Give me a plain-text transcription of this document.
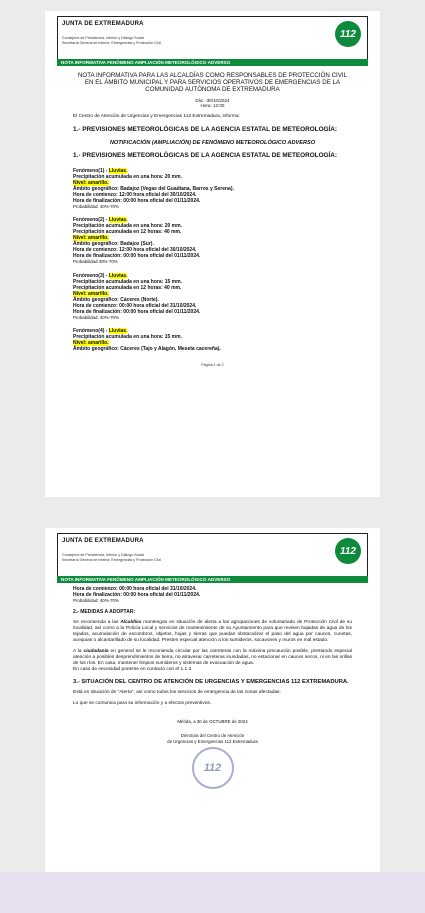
JUNTA DE EXTREMADURA
Consejería de Presidencia, Interior y Diálogo Social
Secretaría General de Interior, Emergencias y Protección Civil
112
NOTA INFORMATIVA FENÓMENO AMPLIACIÓN METEOROLÓGICO ADVERSO
NOTA INFORMATIVA PARA LAS ALCALDÍAS COMO RESPONSABLES DE PROTECCIÓN CIVIL EN EL ÁMBITO MUNICIPAL Y PARA SERVICIOS OPERATIVOS DE EMERGENCIAS DE LA COMUNIDAD AUTÓNOMA DE EXTREMADURA
Día: -30/10/2024
Hora: 12:00
El Centro de Atención de Urgencias y Emergencias 112 Extremadura, informa:
1.- PREVISIONES METEOROLÓGICAS DE LA AGENCIA ESTATAL DE METEOROLOGÍA:
NOTIFICACIÓN (AMPLIACIÓN) DE FENÓMENO METEOROLÓGICO ADVERSO
1.- PREVISIONES METEOROLÓGICAS DE LA AGENCIA ESTATAL DE METEOROLOGÍA:
Fenómeno(1) - Lluvias.
Precipitación acumulada en una hora: 20 mm.
Nivel: amarillo.
Ámbito geográfico: Badajoz (Vegas del Guadiana, Barros y Serena).
Hora de comienzo: 12:00 hora oficial del 30/10/2024.
Hora de finalización: 00:00 hora oficial del 01/11/2024.
Probabilidad: 40%-70%
Fenómeno(2) - Lluvias.
Precipitación acumulada en una hora: 20 mm.
Precipitación acumulada en 12 horas: 40 mm.
Nivel: amarillo.
Ámbito geográfico: Badajoz (Sur).
Hora de comienzo: 12:00 hora oficial del 30/10/2024.
Hora de finalización: 00:00 hora oficial del 01/11/2024.
Probabilidad:40%-70%
Fenómeno(3) - Lluvias.
Precipitación acumulada en una hora: 15 mm.
Precipitación acumulada en 12 horas: 40 mm.
Nivel: amarillo.
Ámbito geográfico: Cáceres (Norte).
Hora de comienzo: 00:00 hora oficial del 31/10/2024.
Hora de finalización: 00:00 hora oficial del 01/11/2024.
Probabilidad: 40%-70%
Fenómeno(4) - Lluvias.
Precipitación acumulada en una hora: 15 mm.
Nivel: amarillo.
Ámbito geográfico: Cáceres (Tajo y Alagón, Meseta cacereña).
Página 1 de 2
JUNTA DE EXTREMADURA
Consejería de Presidencia, Interior y Diálogo Social
Secretaría General de Interior, Emergencias y Protección Civil
112
NOTA INFORMATIVA FENÓMENO AMPLIACIÓN METEOROLÓGICO ADVERSO
Hora de comienzo: 00:00 hora oficial del 31/10/2024.
Hora de finalización: 00:00 hora oficial del 01/11/2024.
Probabilidad: 40%-70%
2.- MEDIDAS A ADOPTAR:
Se recomienda a las Alcaldías mantengan en situación de alerta a las agrupaciones de voluntariado de Protección Civil de su localidad, así como a la Policía Local y servicios de mantenimiento de su Ayuntamiento para que revisen bajadas de agua de los tejados, acumulación de escombros, objetos, hojas y tierras que puedan obstaculizar el paso del agua por cauces, cunetas, acequias o alcantarillado de su localidad. Presten especial atención a los sumideros, socavones y muros en mal estado.
A la ciudadanía en general se le recomienda circular por las carreteras con la máxima precaución posible, prestando especial atención a posibles desprendimientos de tierra, no atravesar carreteras inundadas, no estacionar en cauces secos, ni en las orillas de los ríos. En casa, mantener limpios sumideros y sistemas de evacuación de agua.
En caso de necesidad ponerse en contacto con el 1.1.2.
3.- SITUACIÓN DEL CENTRO DE ATENCIÓN DE URGENCIAS Y EMERGENCIAS 112 EXTREMADURA.
Está en situación de "Alerta", así como todos los servicios de emergencia de las zonas afectadas.
Lo que se comunica para su información y a efectos preventivos.
Mérida, a 30 de OCTUBRE de 2024
Directora del Centro de Atención
de Urgencias y Emergencias 112 Extremadura
112
